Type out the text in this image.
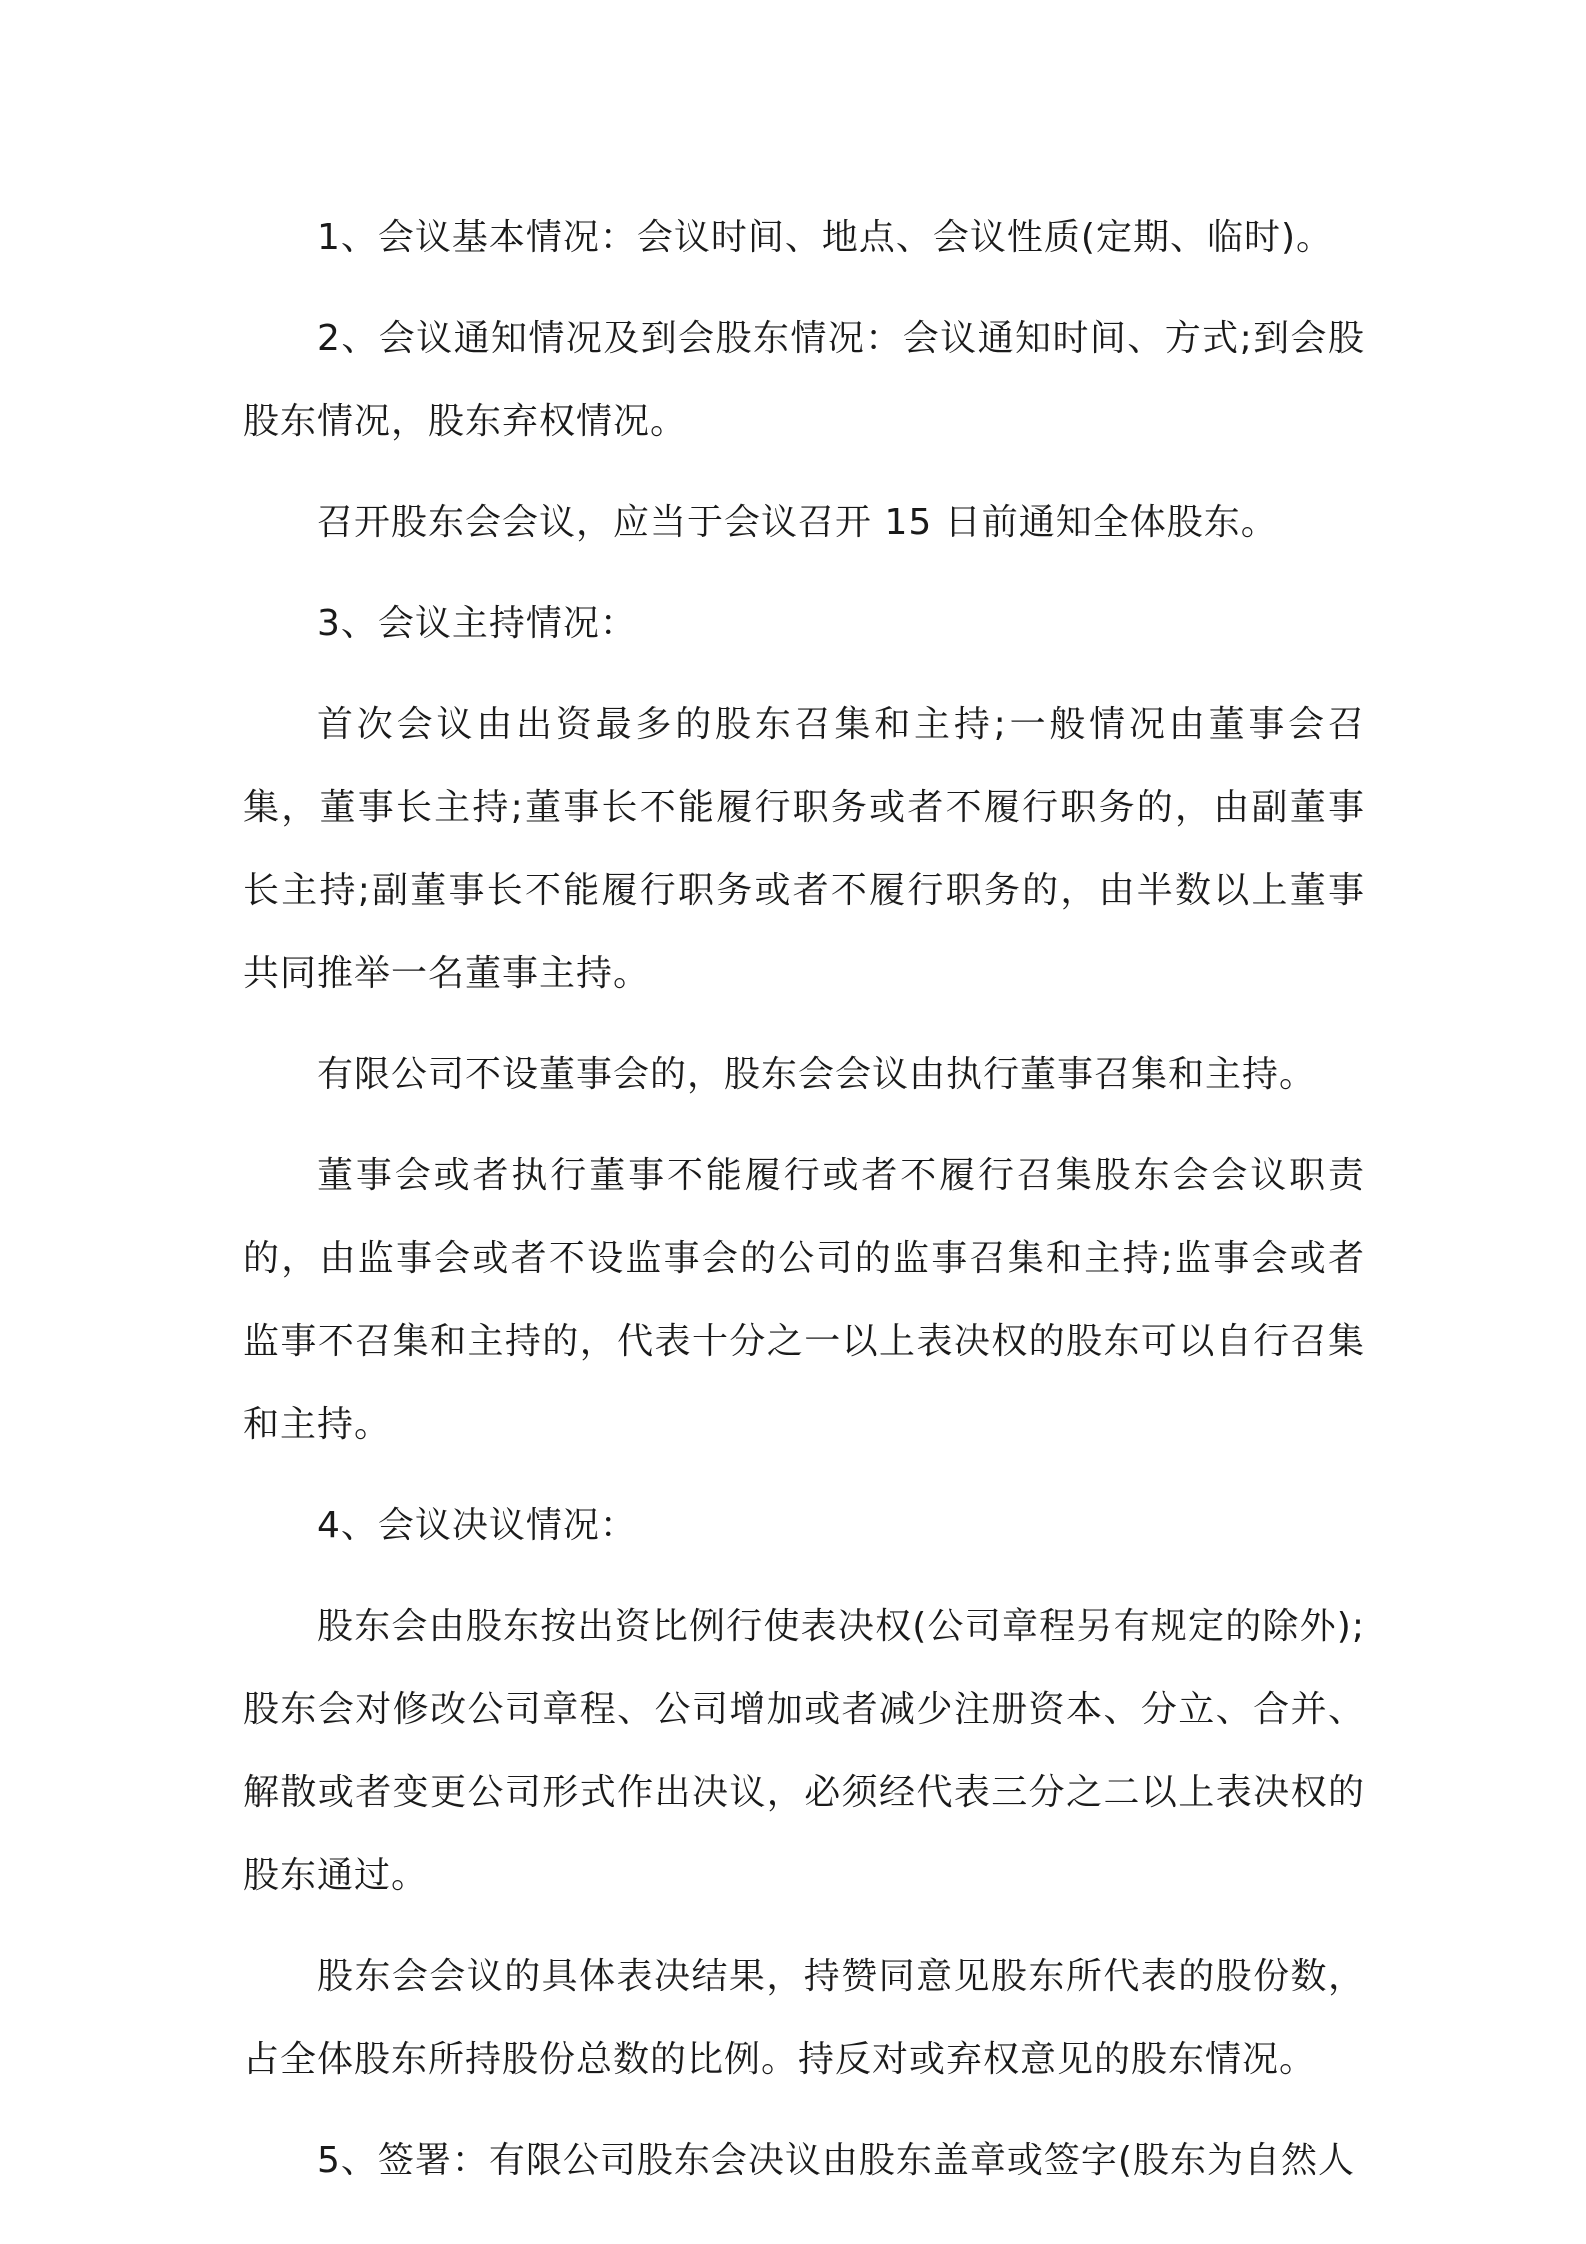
1、会议基本情况：会议时间、地点、会议性质(定期、临时)。

2、会议通知情况及到会股东情况：会议通知时间、方式;到会股股东情况，股东弃权情况。

召开股东会会议，应当于会议召开 15 日前通知全体股东。

3、会议主持情况：

首次会议由出资最多的股东召集和主持;一般情况由董事会召集，董事长主持;董事长不能履行职务或者不履行职务的，由副董事长主持;副董事长不能履行职务或者不履行职务的，由半数以上董事共同推举一名董事主持。

有限公司不设董事会的，股东会会议由执行董事召集和主持。

董事会或者执行董事不能履行或者不履行召集股东会会议职责的，由监事会或者不设监事会的公司的监事召集和主持;监事会或者监事不召集和主持的，代表十分之一以上表决权的股东可以自行召集和主持。

4、会议决议情况：

股东会由股东按出资比例行使表决权(公司章程另有规定的除外);股东会对修改公司章程、公司增加或者减少注册资本、分立、合并、解散或者变更公司形式作出决议，必须经代表三分之二以上表决权的股东通过。

股东会会议的具体表决结果，持赞同意见股东所代表的股份数，占全体股东所持股份总数的比例。持反对或弃权意见的股东情况。

5、签署：有限公司股东会决议由股东盖章或签字(股东为自然人
